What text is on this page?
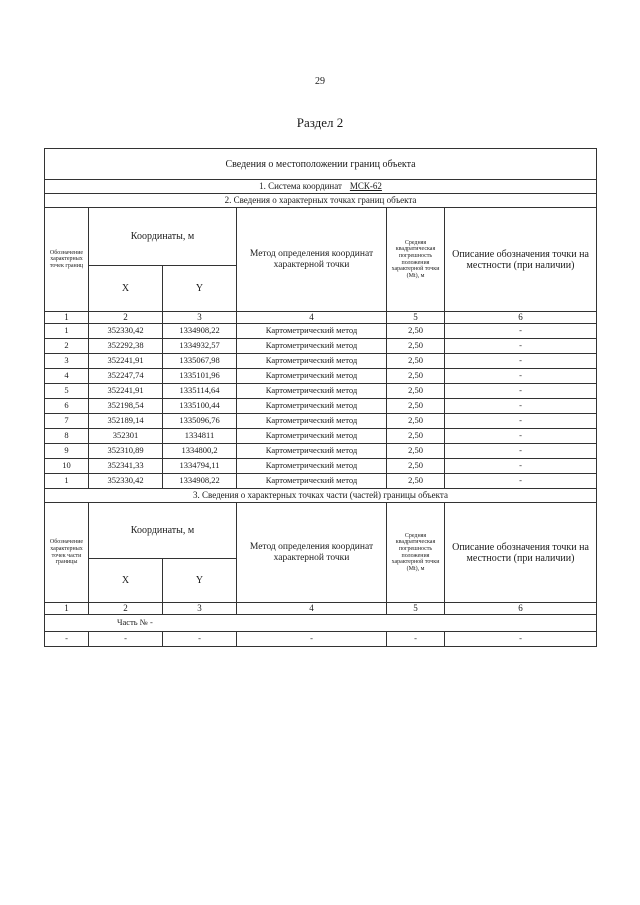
29
Раздел 2
Сведения о местоположении границ объекта					
1. Система координат МСК-62					
2. Сведения о характерных точках границ объекта					
Обозначение характерных точек границ	Координаты, м		Метод определения координат характерной точки	Средняя квадратическая погрешность положения характерной точки (Mt), м	Описание обозначения точки на местности (при наличии)
	X	Y			
1	2	3	4	5	6
1	352330,42	1334908,22	Картометрический метод	2,50	-
2	352292,38	1334932,57	Картометрический метод	2,50	-
3	352241,91	1335067,98	Картометрический метод	2,50	-
4	352247,74	1335101,96	Картометрический метод	2,50	-
5	352241,91	1335114,64	Картометрический метод	2,50	-
6	352198,54	1335100,44	Картометрический метод	2,50	-
7	352189,14	1335096,76	Картометрический метод	2,50	-
8	352301	1334811	Картометрический метод	2,50	-
9	352310,89	1334800,2	Картометрический метод	2,50	-
10	352341,33	1334794,11	Картометрический метод	2,50	-
1	352330,42	1334908,22	Картометрический метод	2,50	-
3. Сведения о характерных точках части (частей) границы объекта					
Обозначение характерных точек части границы	Координаты, м		Метод определения координат характерной точки	Средняя квадратическая погрешность положения характерной точки (Mt), м	Описание обозначения точки на местности (при наличии)
	X	Y			
1	2	3	4	5	6
Часть № -					
-	-	-	-	-	-
